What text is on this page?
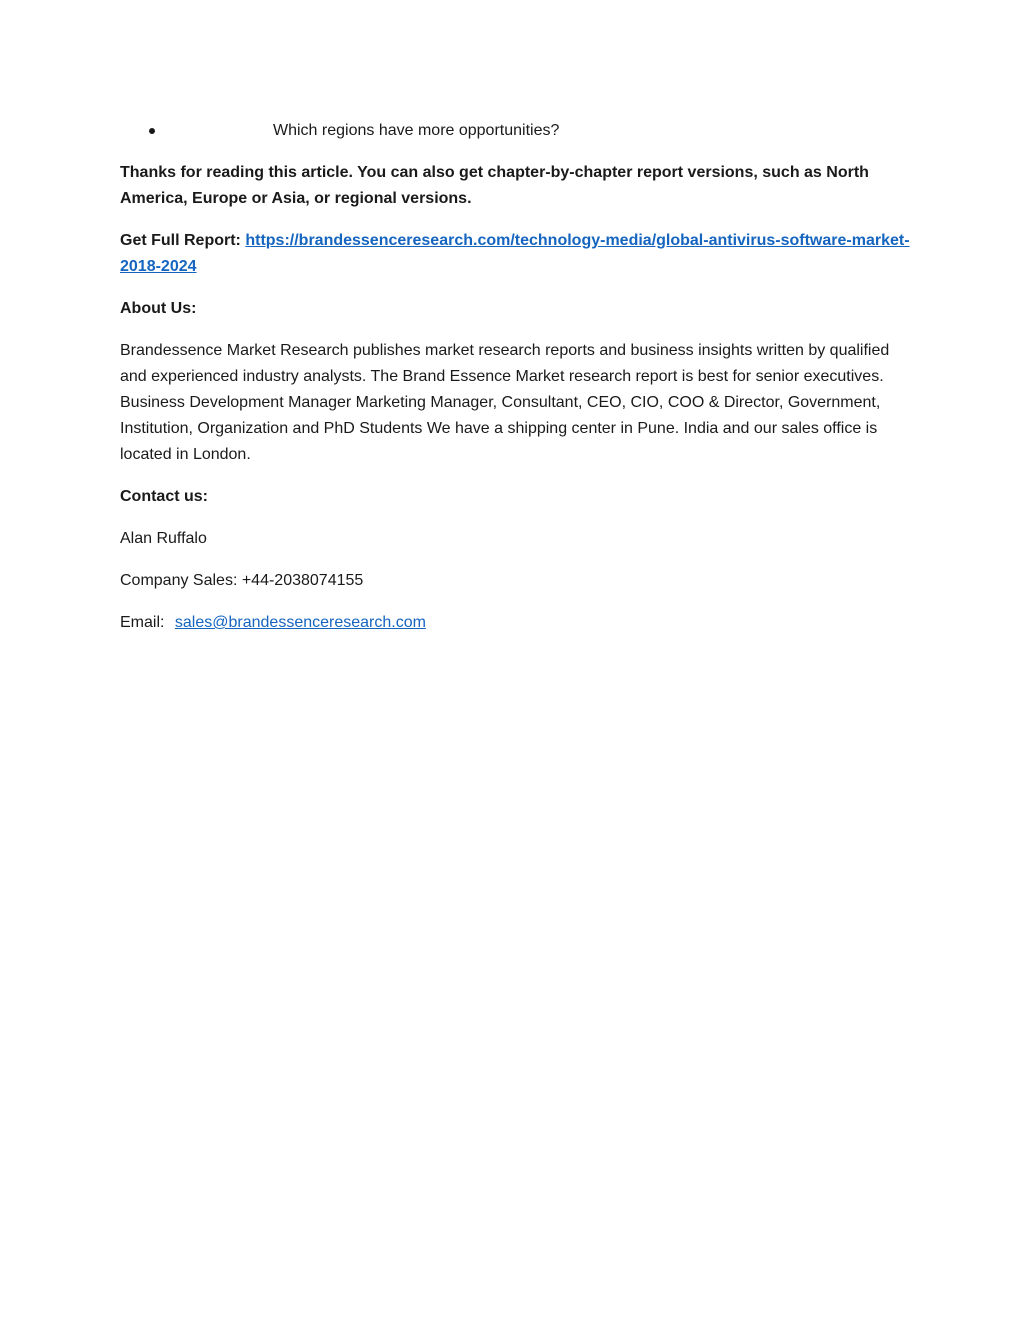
Which regions have more opportunities?

Thanks for reading this article. You can also get chapter-by-chapter report versions, such as North America, Europe or Asia, or regional versions.

Get Full Report: https://brandessenceresearch.com/technology-media/global-antivirus-software-market-2018-2024

About Us:

Brandessence Market Research publishes market research reports and business insights written by qualified and experienced industry analysts. The Brand Essence Market research report is best for senior executives. Business Development Manager Marketing Manager, Consultant, CEO, CIO, COO & Director, Government, Institution, Organization and PhD Students We have a shipping center in Pune. India and our sales office is located in London.

Contact us:

Alan Ruffalo

Company Sales: +44-2038074155

Email: sales@brandessenceresearch.com
